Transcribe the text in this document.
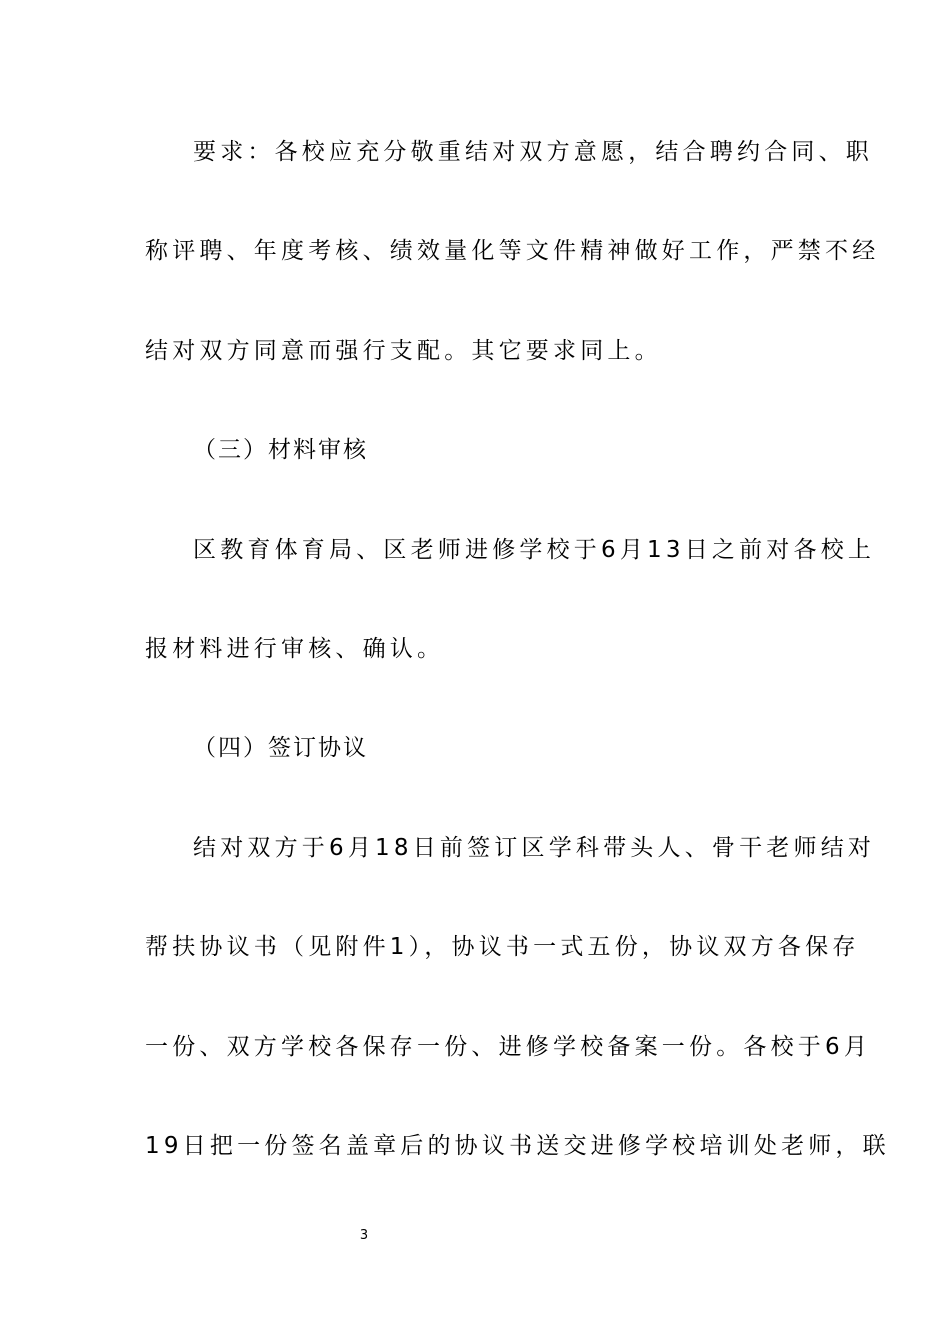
要求：各校应充分敬重结对双方意愿，结合聘约合同、职
称评聘、年度考核、绩效量化等文件精神做好工作，严禁不经
结对双方同意而强行支配。其它要求同上。
（三）材料审核
区教育体育局、区老师进修学校于6月13日之前对各校上
报材料进行审核、确认。
（四）签订协议
结对双方于6月18日前签订区学科带头人、骨干老师结对
帮扶协议书（见附件1），协议书一式五份，协议双方各保存
一份、双方学校各保存一份、进修学校备案一份。各校于6月
19日把一份签名盖章后的协议书送交进修学校培训处老师，联
3
